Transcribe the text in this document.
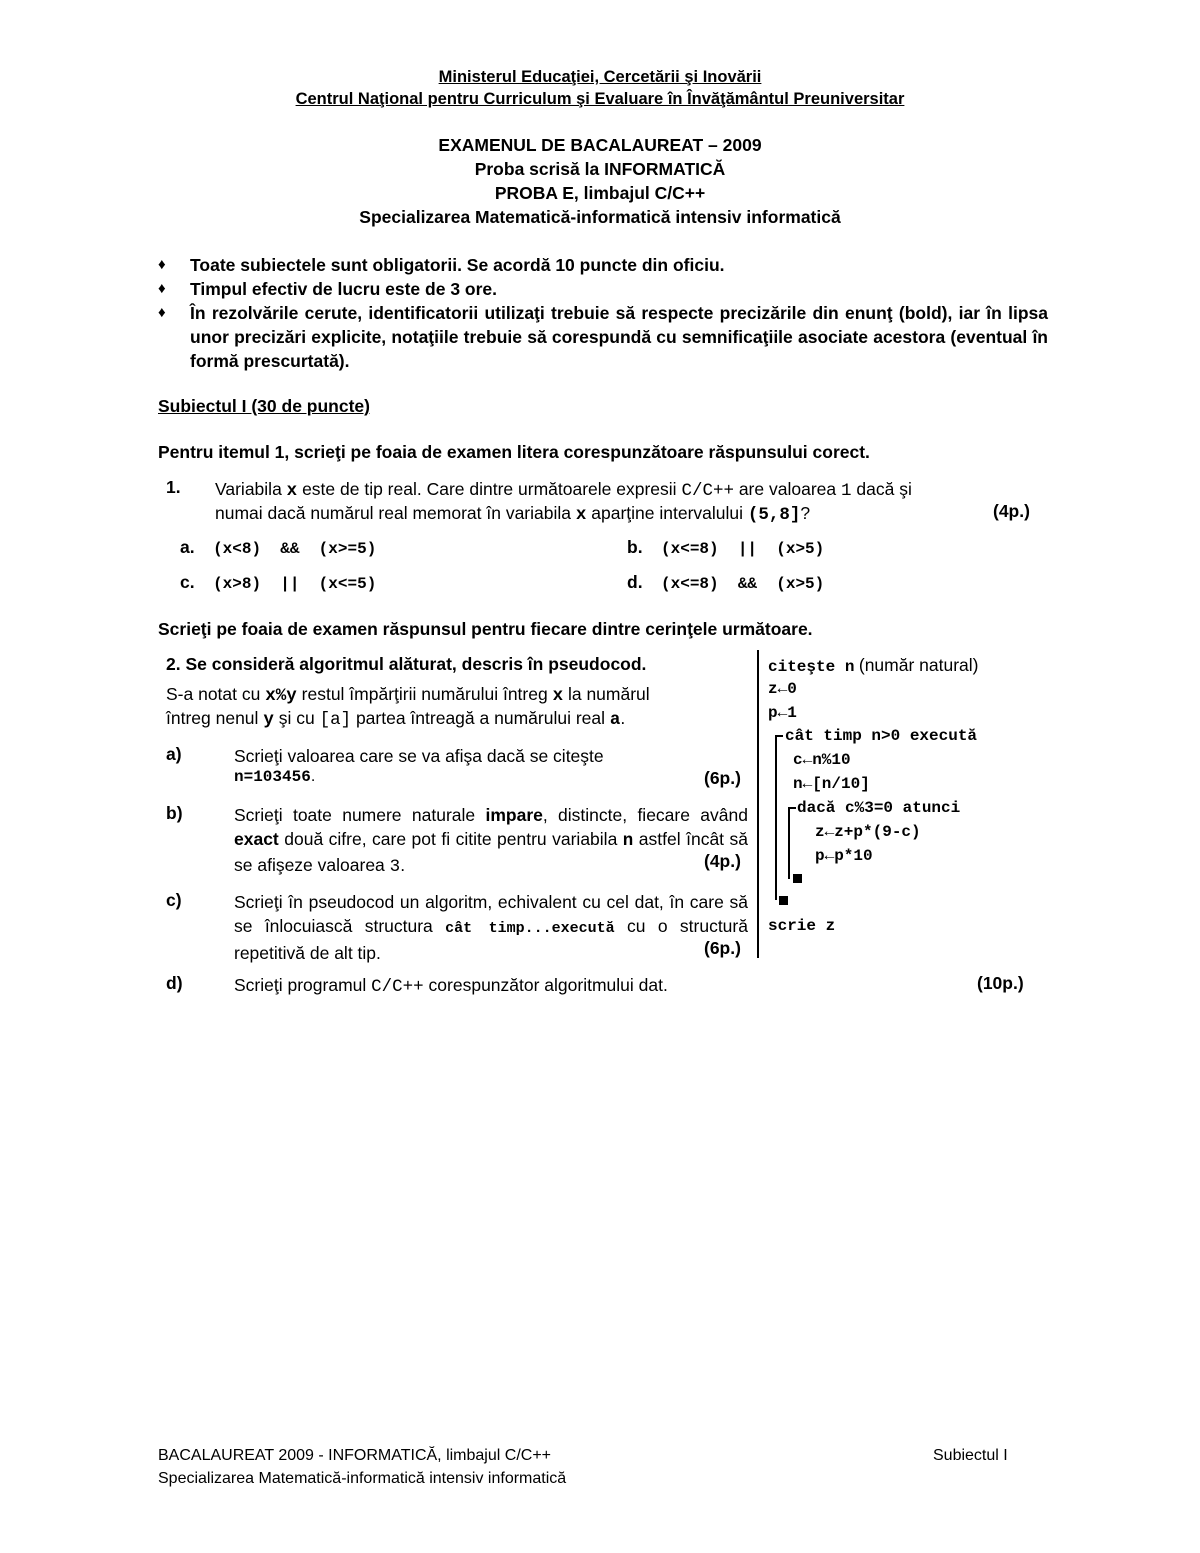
Ministerul Educaţiei, Cercetării şi Inovării
Centrul Naţional pentru Curriculum şi Evaluare în Învăţământul Preuniversitar
EXAMENUL DE BACALAUREAT – 2009
Proba scrisă la INFORMATICĂ
PROBA E, limbajul C/C++
Specializarea Matematică-informatică intensiv informatică
♦ Toate subiectele sunt obligatorii. Se acordă 10 puncte din oficiu.
♦ Timpul efectiv de lucru este de 3 ore.
♦ În rezolvările cerute, identificatorii utilizaţi trebuie să respecte precizările din enunţ (bold), iar în lipsa unor precizări explicite, notaţiile trebuie să corespundă cu semnificaţiile asociate acestora (eventual în formă prescurtată).
Subiectul I (30 de puncte)
Pentru itemul 1, scrieţi pe foaia de examen litera corespunzătoare răspunsului corect.
1. Variabila x este de tip real. Care dintre următoarele expresii C/C++ are valoarea 1 dacă şi
numai dacă numărul real memorat în variabila x aparţine intervalului (5,8]?	(4p.)
a. (x<8)  &&  (x>=5)	b. (x<=8)  ||  (x>5)
c. (x>8)  ||  (x<=5)	d. (x<=8)  &&  (x>5)
Scrieţi pe foaia de examen răspunsul pentru fiecare dintre cerinţele următoare.
2. Se consideră algoritmul alăturat, descris în pseudocod.
S-a notat cu x%y restul împărţirii numărului întreg x la numărul
întreg nenul y şi cu [a] partea întreagă a numărului real a.
a)	Scrieţi valoarea care se va afişa dacă se citeşte
n=103456.	(6p.)
b)	Scrieţi toate numere naturale impare, distincte, fiecare având exact două cifre, care pot fi citite pentru variabila n astfel încât să se afişeze valoarea 3.	(4p.)
c)	Scrieţi în pseudocod un algoritm, echivalent cu cel dat, în care să se înlocuiască structura cât timp...execută cu o structură repetitivă de alt tip.	(6p.)
d)	Scrieţi programul C/C++ corespunzător algoritmului dat.	(10p.)
citeşte n (număr natural)
z←0
p←1
cât timp n>0 execută
c←n%10
n←[n/10]
dacă c%3=0 atunci
z←z+p*(9-c)
p←p*10
scrie z
BACALAUREAT 2009 - INFORMATICĂ, limbajul C/C++
Specializarea Matematică-informatică intensiv informatică
Subiectul I
